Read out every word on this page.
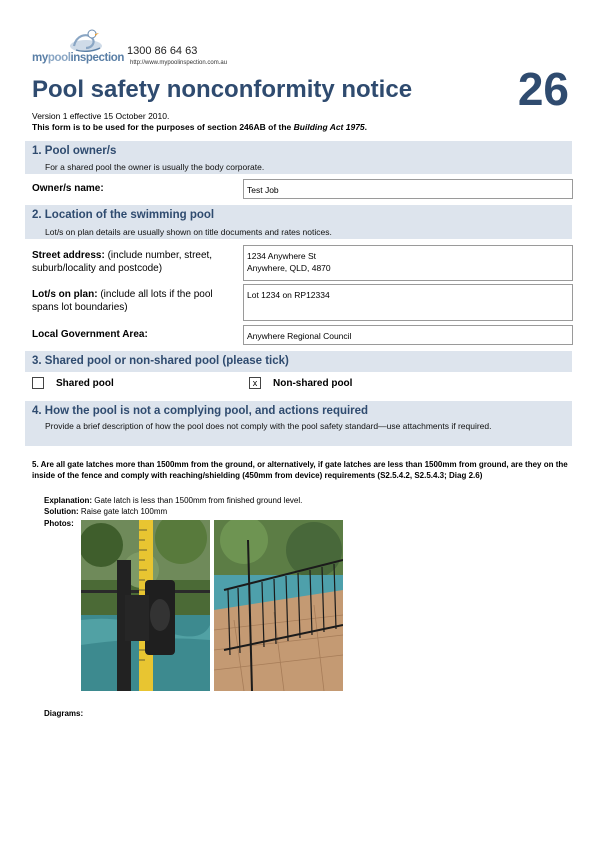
mypoolinspection
1300 86 64 63
http://www.mypoolinspection.com.au	26
Pool safety nonconformity notice
Version 1 effective 15 October 2010.
This form is to be used for the purposes of section 246AB of the Building Act 1975.
1. Pool owner/s
For a shared pool the owner is usually the body corporate.
Owner/s name:	Test Job
2. Location of the swimming pool
Lot/s on plan details are usually shown on title documents and rates notices.
Street address: (include number, street, suburb/locality and postcode)
1234 Anywhere St
Anywhere, QLD, 4870
Lot/s on plan: (include all lots if the pool spans lot boundaries)
Lot 1234 on RP12334
Local Government Area:	Anywhere Regional Council
3. Shared pool or non-shared pool (please tick)
Shared pool	x	Non-shared pool
4. How the pool is not a complying pool, and actions required
Provide a brief description of how the pool does not comply with the pool safety standard—use attachments if required.
5. Are all gate latches more than 1500mm from the ground, or alternatively, if gate latches are less than 1500mm from ground, are they on the inside of the fence and comply with reaching/shielding (450mm from device) requirements (S2.5.4.2, S2.5.4.3; Diag 2.6)
Explanation: Gate latch is less than 1500mm from finished ground level.
Solution: Raise gate latch 100mm
Photos:
Diagrams:
